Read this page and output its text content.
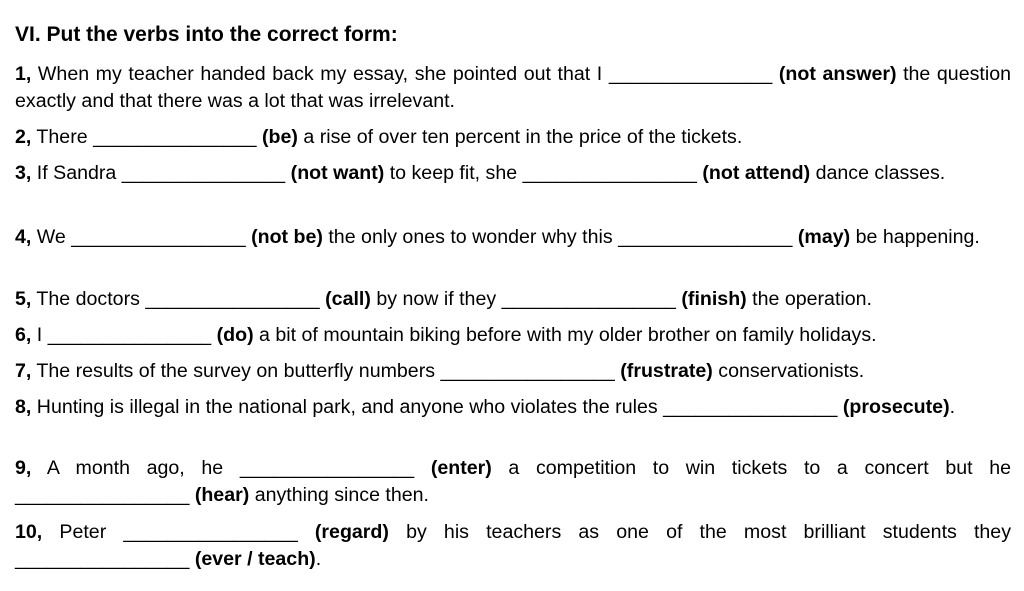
VI. Put the verbs into the correct form:
1, When my teacher handed back my essay, she pointed out that I _______________ (not answer) the question exactly and that there was a lot that was irrelevant.
2, There _______________ (be) a rise of over ten percent in the price of the tickets.
3, If Sandra _______________ (not want) to keep fit, she ________________ (not attend) dance classes.
4, We ________________ (not be) the only ones to wonder why this ________________ (may) be happening.
5, The doctors ________________ (call) by now if they ________________ (finish) the operation.
6, I _______________ (do) a bit of mountain biking before with my older brother on family holidays.
7, The results of the survey on butterfly numbers ________________ (frustrate) conservationists.
8, Hunting is illegal in the national park, and anyone who violates the rules ________________ (prosecute).
9, A month ago, he ________________ (enter) a competition to win tickets to a concert but he ________________ (hear) anything since then.
10, Peter ________________ (regard) by his teachers as one of the most brilliant students they ________________ (ever / teach).
